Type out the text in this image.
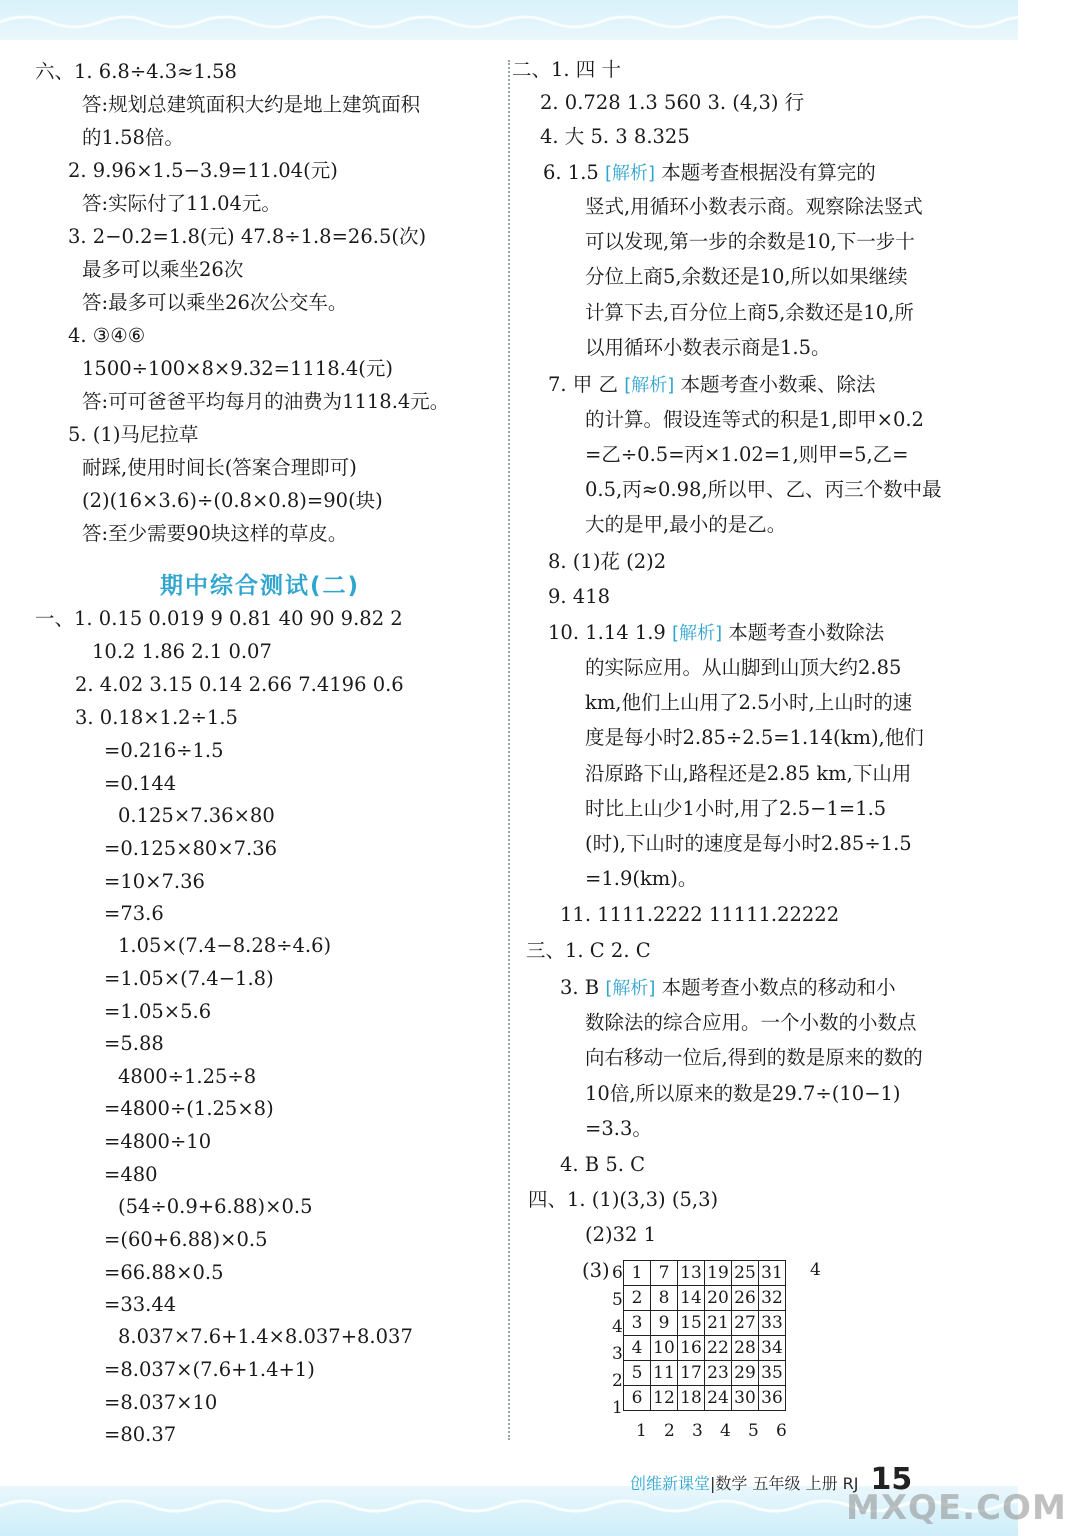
六、1. 6.8÷4.3≈1.58
答:规划总建筑面积大约是地上建筑面积
的1.58倍。
2. 9.96×1.5−3.9=11.04(元)
答:实际付了11.04元。
3. 2−0.2=1.8(元) 47.8÷1.8=26.5(次)
最多可以乘坐26次
答:最多可以乘坐26次公交车。
4. ③④⑥
1500÷100×8×9.32=1118.4(元)
答:可可爸爸平均每月的油费为1118.4元。
5. (1)马尼拉草
耐踩,使用时间长(答案合理即可)
(2)(16×3.6)÷(0.8×0.8)=90(块)
答:至少需要90块这样的草皮。
期中综合测试(二)
一、1. 0.15 0.019 9 0.81 40 90 9.82 2
10.2 1.86 2.1 0.07
2. 4.02 3.15 0.14 2.66 7.4196 0.6
3. 0.18×1.2÷1.5
=0.216÷1.5
=0.144
0.125×7.36×80
=0.125×80×7.36
=10×7.36
=73.6
1.05×(7.4−8.28÷4.6)
=1.05×(7.4−1.8)
=1.05×5.6
=5.88
4800÷1.25÷8
=4800÷(1.25×8)
=4800÷10
=480
(54÷0.9+6.88)×0.5
=(60+6.88)×0.5
=66.88×0.5
=33.44
8.037×7.6+1.4×8.037+8.037
=8.037×(7.6+1.4+1)
=8.037×10
=80.37
二、1. 四 十
2. 0.728 1.3 560 3. (4,3) 行
4. 大 5. 3 8.325
6. 1.5 [解析] 本题考查根据没有算完的
竖式,用循环小数表示商。观察除法竖式
可以发现,第一步的余数是10,下一步十
分位上商5,余数还是10,所以如果继续
计算下去,百分位上商5,余数还是10,所
以用循环小数表示商是1.5。
7. 甲 乙 [解析] 本题考查小数乘、除法
的计算。假设连等式的积是1,即甲×0.2
=乙÷0.5=丙×1.02=1,则甲=5,乙=
0.5,丙≈0.98,所以甲、乙、丙三个数中最
大的是甲,最小的是乙。
8. (1)花 (2)2
9. 418
10. 1.14 1.9 [解析] 本题考查小数除法
的实际应用。从山脚到山顶大约2.85
km,他们上山用了2.5小时,上山时的速
度是每小时2.85÷2.5=1.14(km),他们
沿原路下山,路程还是2.85 km,下山用
时比上山少1小时,用了2.5−1=1.5
(时),下山时的速度是每小时2.85÷1.5
=1.9(km)。
11. 1111.2222 11111.22222
三、1. C 2. C
3. B [解析] 本题考查小数点的移动和小
数除法的综合应用。一个小数的小数点
向右移动一位后,得到的数是原来的数的
10倍,所以原来的数是29.7÷(10−1)
=3.3。
4. B 5. C
四、1. (1)(3,3) (5,3)
(2)32 1
(3) 6
5
4
3
2
1
1	7	13	19	25	31
2	8	14	20	26	32
3	9	15	21	27	33
4	10	16	22	28	34
5	11	17	23	29	35
6	12	18	24	30	36
1 2 3 4 5 6
4
创维新课堂|数学 五年级 上册 RJ 15
MXQE.COM
